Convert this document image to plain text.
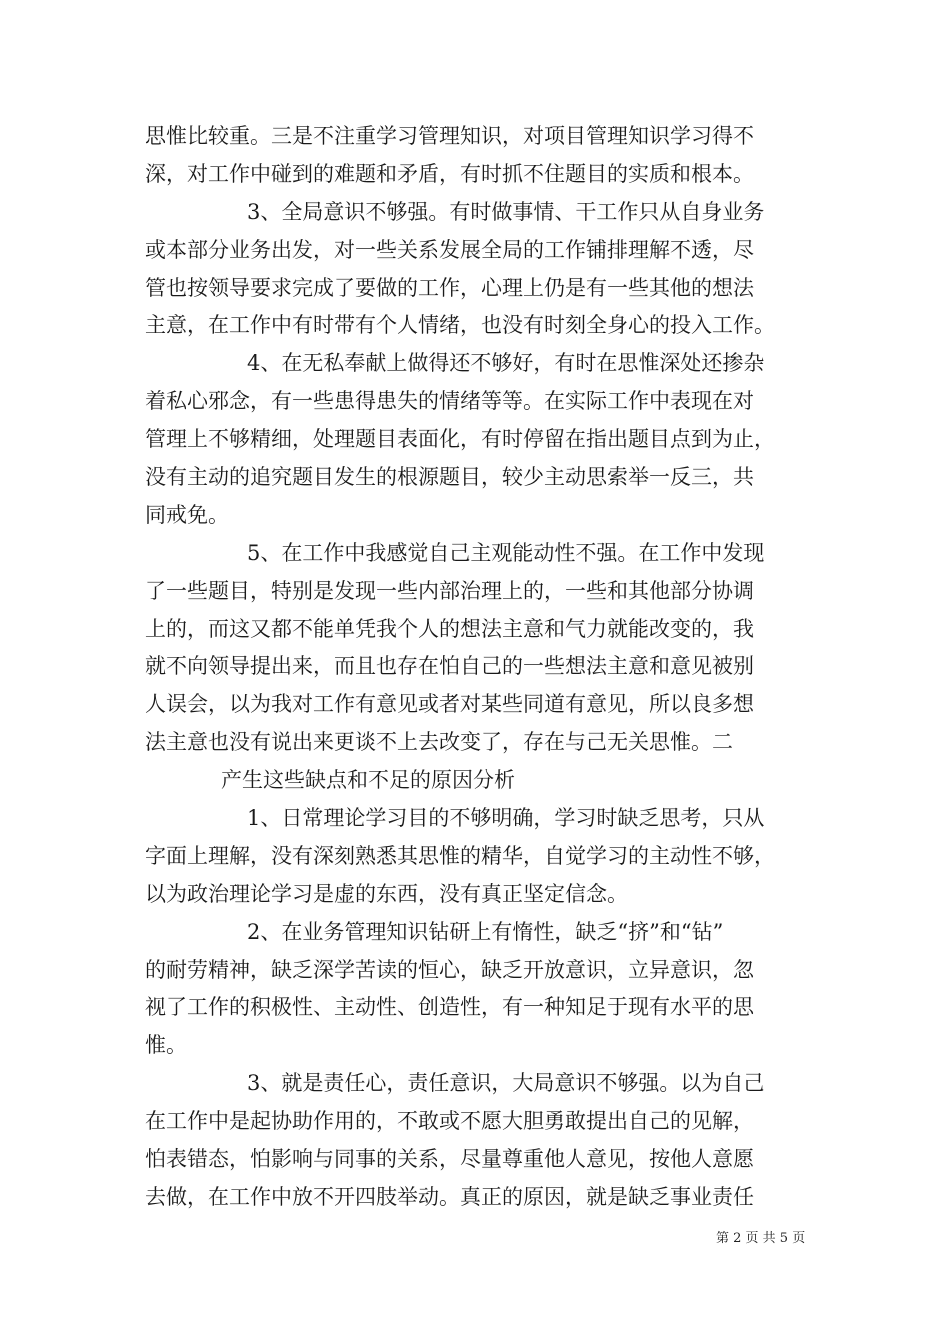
思惟比较重。三是不注重学习管理知识，对项目管理知识学习得不
深，对工作中碰到的难题和矛盾，有时抓不住题目的实质和根本。
3、全局意识不够强。有时做事情、干工作只从自身业务
或本部分业务出发，对一些关系发展全局的工作铺排理解不透，尽
管也按领导要求完成了要做的工作，心理上仍是有一些其他的想法
主意，在工作中有时带有个人情绪，也没有时刻全身心的投入工作。
4、在无私奉献上做得还不够好，有时在思惟深处还掺杂
着私心邪念，有一些患得患失的情绪等等。在实际工作中表现在对
管理上不够精细，处理题目表面化，有时停留在指出题目点到为止，
没有主动的追究题目发生的根源题目，较少主动思索举一反三，共
同戒免。
5、在工作中我感觉自己主观能动性不强。在工作中发现
了一些题目，特别是发现一些内部治理上的，一些和其他部分协调
上的，而这又都不能单凭我个人的想法主意和气力就能改变的，我
就不向领导提出来，而且也存在怕自己的一些想法主意和意见被别
人误会，以为我对工作有意见或者对某些同道有意见，所以良多想
法主意也没有说出来更谈不上去改变了，存在与己无关思惟。二
产生这些缺点和不足的原因分析
1、日常理论学习目的不够明确，学习时缺乏思考，只从
字面上理解，没有深刻熟悉其思惟的精华，自觉学习的主动性不够，
以为政治理论学习是虚的东西，没有真正坚定信念。
2、在业务管理知识钻研上有惰性，缺乏“挤”和“钻”
的耐劳精神，缺乏深学苦读的恒心，缺乏开放意识，立异意识，忽
视了工作的积极性、主动性、创造性，有一种知足于现有水平的思
惟。
3、就是责任心，责任意识，大局意识不够强。以为自己
在工作中是起协助作用的，不敢或不愿大胆勇敢提出自己的见解，
怕表错态，怕影响与同事的关系，尽量尊重他人意见，按他人意愿
去做，在工作中放不开四肢举动。真正的原因，就是缺乏事业责任
第 2 页 共 5 页
